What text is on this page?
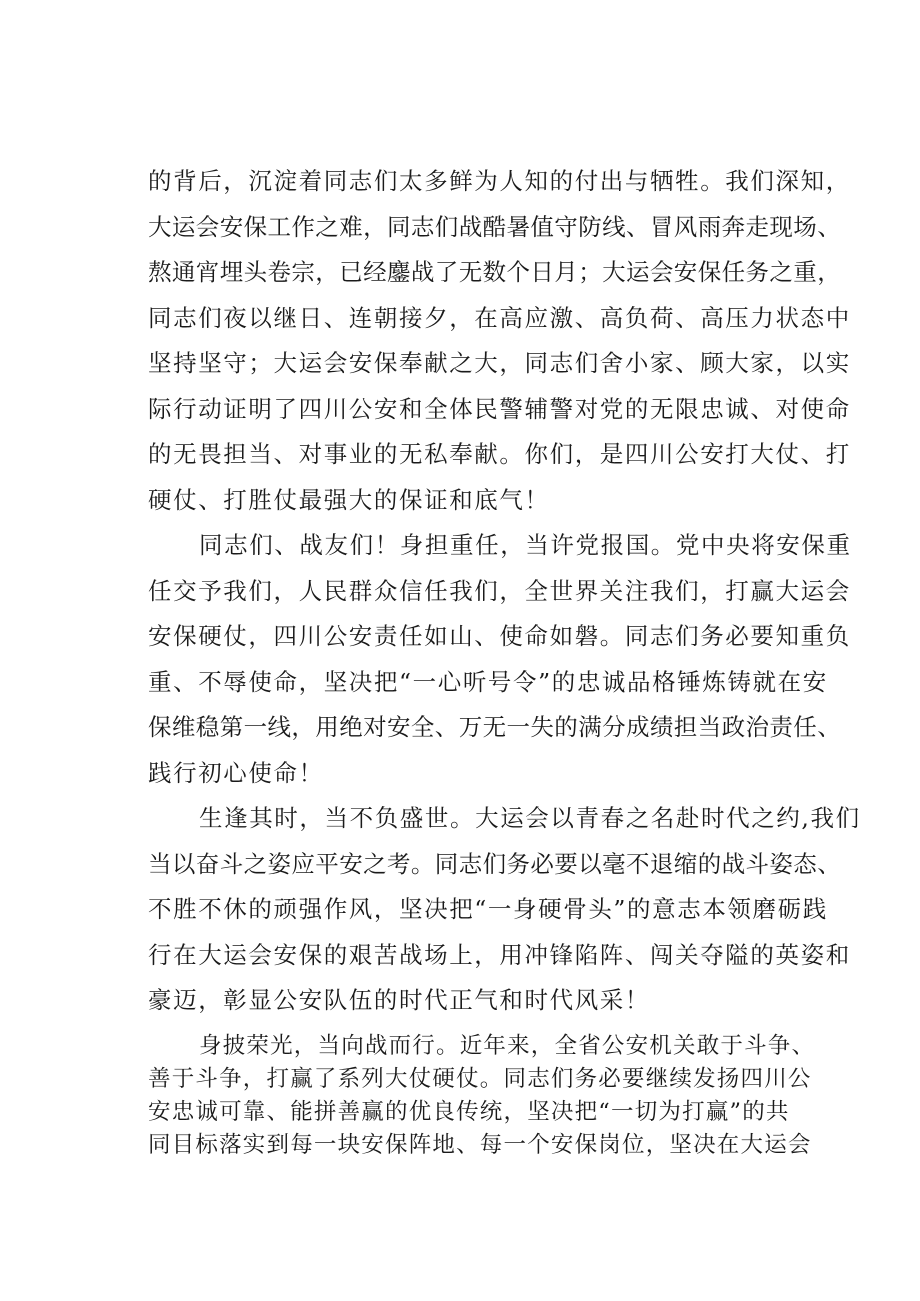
的背后，沉淀着同志们太多鲜为人知的付出与牺牲。我们深知，

大运会安保工作之难，同志们战酷暑值守防线、冒风雨奔走现场、

熬通宵埋头卷宗，已经鏖战了无数个日月；大运会安保任务之重，

同志们夜以继日、连朝接夕，在高应激、高负荷、高压力状态中

坚持坚守；大运会安保奉献之大，同志们舍小家、顾大家，以实

际行动证明了四川公安和全体民警辅警对党的无限忠诚、对使命

的无畏担当、对事业的无私奉献。你们，是四川公安打大仗、打

硬仗、打胜仗最强大的保证和底气！

同志们、战友们！身担重任，当许党报国。党中央将安保重

任交予我们，人民群众信任我们，全世界关注我们，打赢大运会

安保硬仗，四川公安责任如山、使命如磐。同志们务必要知重负

重、不辱使命，坚决把“一心听号令”的忠诚品格锤炼铸就在安

保维稳第一线，用绝对安全、万无一失的满分成绩担当政治责任、

践行初心使命！

生逢其时，当不负盛世。大运会以青春之名赴时代之约,我们

当以奋斗之姿应平安之考。同志们务必要以毫不退缩的战斗姿态、

不胜不休的顽强作风，坚决把“一身硬骨头”的意志本领磨砺践

行在大运会安保的艰苦战场上，用冲锋陷阵、闯关夺隘的英姿和

豪迈，彰显公安队伍的时代正气和时代风采！

身披荣光，当向战而行。近年来，全省公安机关敢于斗争、

善于斗争，打赢了系列大仗硬仗。同志们务必要继续发扬四川公

安忠诚可靠、能拼善赢的优良传统，坚决把“一切为打赢”的共

同目标落实到每一块安保阵地、每一个安保岗位，坚决在大运会
